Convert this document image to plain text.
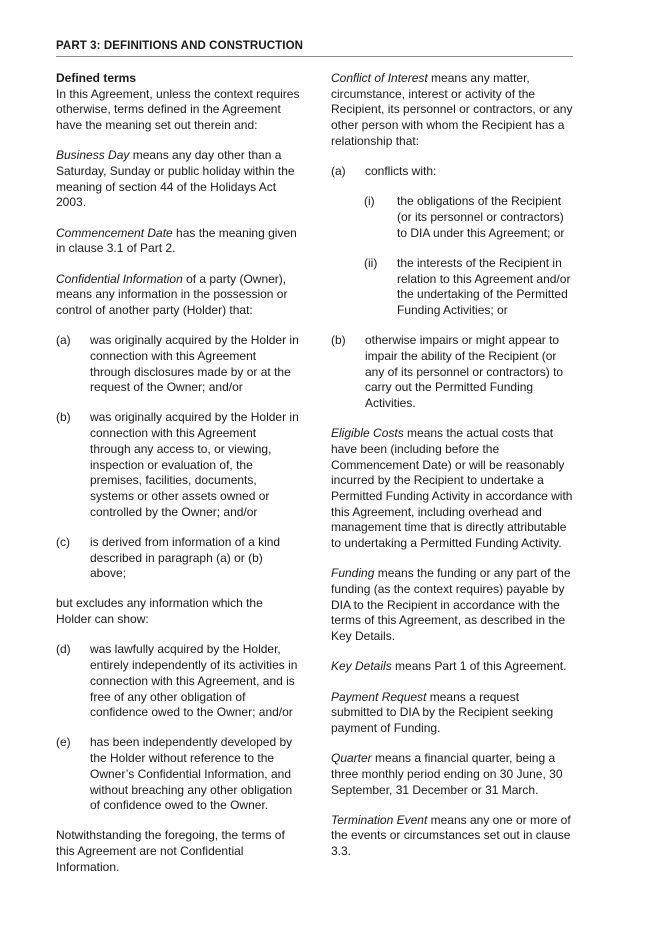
PART 3: DEFINITIONS AND CONSTRUCTION
Defined terms

In this Agreement, unless the context requires otherwise, terms defined in the Agreement have the meaning set out therein and:

Business Day means any day other than a Saturday, Sunday or public holiday within the meaning of section 44 of the Holidays Act 2003.

Commencement Date has the meaning given in clause 3.1 of Part 2.

Confidential Information of a party (Owner), means any information in the possession or control of another party (Holder) that:

(a)	was originally acquired by the Holder in connection with this Agreement through disclosures made by or at the request of the Owner; and/or
(b)	was originally acquired by the Holder in connection with this Agreement through any access to, or viewing, inspection or evaluation of, the premises, facilities, documents, systems or other assets owned or controlled by the Owner; and/or
(c)	is derived from information of a kind described in paragraph (a) or (b) above;

but excludes any information which the Holder can show:

(d)	was lawfully acquired by the Holder, entirely independently of its activities in connection with this Agreement, and is free of any other obligation of confidence owed to the Owner; and/or
(e)	has been independently developed by the Holder without reference to the Owner’s Confidential Information, and without breaching any other obligation of confidence owed to the Owner.

Notwithstanding the foregoing, the terms of this Agreement are not Confidential Information.

Conflict of Interest means any matter, circumstance, interest or activity of the Recipient, its personnel or contractors, or any other person with whom the Recipient has a relationship that:

(a)	conflicts with:
(i)	the obligations of the Recipient (or its personnel or contractors) to DIA under this Agreement; or
(ii)	the interests of the Recipient in relation to this Agreement and/or the undertaking of the Permitted Funding Activities; or
(b)	otherwise impairs or might appear to impair the ability of the Recipient (or any of its personnel or contractors) to carry out the Permitted Funding Activities.

Eligible Costs means the actual costs that have been (including before the Commencement Date) or will be reasonably incurred by the Recipient to undertake a Permitted Funding Activity in accordance with this Agreement, including overhead and management time that is directly attributable to undertaking a Permitted Funding Activity.

Funding means the funding or any part of the funding (as the context requires) payable by DIA to the Recipient in accordance with the terms of this Agreement, as described in the Key Details.

Key Details means Part 1 of this Agreement.

Payment Request means a request submitted to DIA by the Recipient seeking payment of Funding.

Quarter means a financial quarter, being a three monthly period ending on 30 June, 30 September, 31 December or 31 March.

Termination Event means any one or more of the events or circumstances set out in clause 3.3.
